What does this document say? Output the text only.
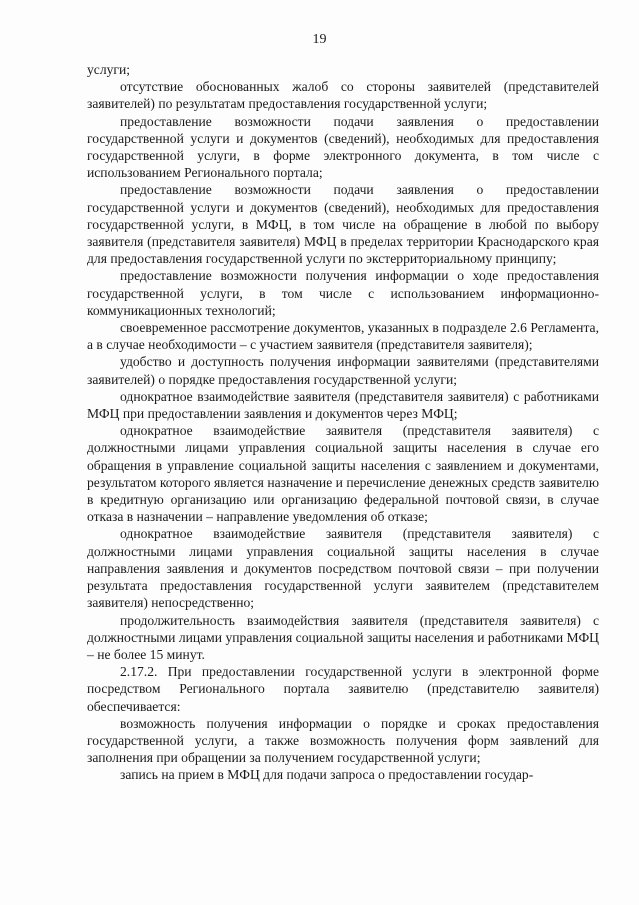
19

услуги;

отсутствие обоснованных жалоб со стороны заявителей (представителей заявителей) по результатам предоставления государственной услуги;

предоставление возможности подачи заявления о предоставлении государственной услуги и документов (сведений), необходимых для предоставления государственной услуги, в форме электронного документа, в том числе с использованием Регионального портала;

предоставление возможности подачи заявления о предоставлении государственной услуги и документов (сведений), необходимых для предоставления государственной услуги, в МФЦ, в том числе на обращение в любой по выбору заявителя (представителя заявителя) МФЦ в пределах территории Краснодарского края для предоставления государственной услуги по экстерриториальному принципу;

предоставление возможности получения информации о ходе предоставления государственной услуги, в том числе с использованием информационно-коммуникационных технологий;

своевременное рассмотрение документов, указанных в подразделе 2.6 Регламента, а в случае необходимости – с участием заявителя (представителя заявителя);

удобство и доступность получения информации заявителями (представителями заявителей) о порядке предоставления государственной услуги;

однократное взаимодействие заявителя (представителя заявителя) с работниками МФЦ при предоставлении заявления и документов через МФЦ;

однократное взаимодействие заявителя (представителя заявителя) с должностными лицами управления социальной защиты населения в случае его обращения в управление социальной защиты населения с заявлением и документами, результатом которого является назначение и перечисление денежных средств заявителю в кредитную организацию или организацию федеральной почтовой связи, в случае отказа в назначении – направление уведомления об отказе;

однократное взаимодействие заявителя (представителя заявителя) с должностными лицами управления социальной защиты населения в случае направления заявления и документов посредством почтовой связи – при получении результата предоставления государственной услуги заявителем (представителем заявителя) непосредственно;

продолжительность взаимодействия заявителя (представителя заявителя) с должностными лицами управления социальной защиты населения и работниками МФЦ – не более 15 минут.

2.17.2. При предоставлении государственной услуги в электронной форме посредством Регионального портала заявителю (представителю заявителя) обеспечивается:

возможность получения информации о порядке и сроках предоставления государственной услуги, а также возможность получения форм заявлений для заполнения при обращении за получением государственной услуги;

запись на прием в МФЦ для подачи запроса о предоставлении государ-
